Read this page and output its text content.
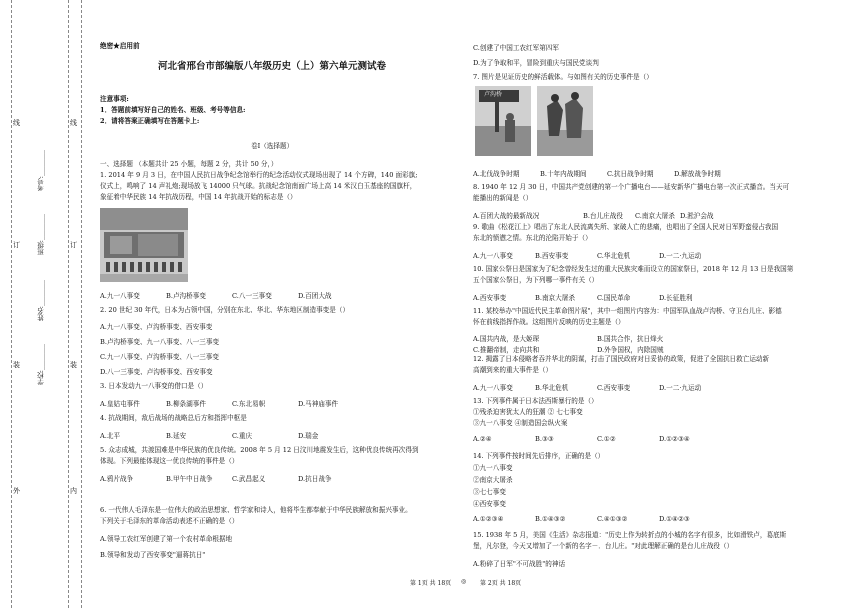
线
订
装
外
线
订
装
内
学校:________
姓名:________
班级:________
考号:________
绝密★启用前
河北省邢台市部编版八年级历史（上）第六单元测试卷
注意事项:
1．答题前填写好自己的姓名、班级、考号等信息:
2．请将答案正确填写在答题卡上:
卷I（选择题）
一、选择题 （本题共计 25 小题，每题 2 分，共计 50 分，）
1. 2014 年 9 月 3 日，在中国人民抗日战争纪念馆举行的纪念活动仪式现场出现了 14 个方碑，140 面彩旗;
仪式上，鸣响了 14 声礼炮;现场放飞 14000 只气球。抗战纪念馆南面广场上高 14 米汉白玉基座的国旗杆，
象征着中华民族 14 年抗战历程，中国 14 年抗战开始的标志是（）
A.九一八事变	B.卢沟桥事变	C.八一三事变	D.百团大战
2. 20 世纪 30 年代，日本为占领中国，分别在东北、华北、华东地区制造事变是（）
A.九一八事变、卢沟桥事变、西安事变
B.卢沟桥事变、九一八事变、八一三事变
C.九一八事变、卢沟桥事变、八一三事变
D.八一三事变、卢沟桥事变、西安事变
3. 日本发动九一八事变的借口是（）
A.皇姑屯事件	B.柳条湖事件	C.东北易帜	D.马神庙事件
4. 抗战期间，敌后战场的战略总后方和指挥中枢是
A.北平	B.延安	C.重庆	D.瑞金
5. 众志成城，共渡国难是中华民族的优良传统。2008 年 5 月 12 日汶川地震发生后，这种优良传统再次得到
体现。下列最能体现这一优良传统的事件是（）
A.鸦片战争	B.甲午中日战争	C.武昌起义	D.抗日战争
6. 一代伟人毛泽东是一位伟大的政治思想家、哲学家和诗人，他将毕生都奉献于中华民族解放和振兴事业。
下列关于毛泽东的革命活动表述不正确的是（）
A.领导工农红军创建了第一个农村革命根据地
B.领导和发动了西安事变"逼蒋抗日"
C.创建了中国工农红军第四军
D.为了争取和平，冒险到重庆与国民党谈判
7. 图片是见证历史的鲜活载体。与如图有关的历史事件是（）
卢沟桥
A.北伐战争时期	B.十年内战期间	C.抗日战争时期	D.解放战争时期
8. 1940 年 12 月 30 日，中国共产党创建的第一个广播电台——延安新华广播电台第一次正式播音。当天可
能播出的新闻是（）
A.百团大战的最新战况	B.台儿庄战役 C.南京大屠杀 D.淞沪会战
9. 歌曲《松花江上》唱出了东北人民流离失所、家破人亡的悲痛，也唱出了全国人民对日军野蛮侵占我国
东北的愤懑之情。东北的沦陷开始于（）
A.九一八事变	B.西安事变	C.华北危机	D.一二·九运动
10. 国家公祭日是国家为了纪念曾经发生过的重大民族灾难而设立的国家祭日，2018 年 12 月 13 日是我国第
五个国家公祭日，为下列哪一事件有关（）
A.西安事变	B.南京大屠杀	C.国民革命	D.长征胜利
11. 某校举办"中国近代民主革命图片展"，其中一组图片内容为：中国军队血战卢沟桥、守卫台儿庄、影德
怀在前线指挥作战。这组图片反映的历史主题是（）
A.国共内战，是大姬琛	B.国共合作，抗日烽火
C.推翻帝制，走向共和	D.外争国权，内除国贼
12. 揭露了日本侵略者吞并华北的阴谋，打击了国民政府对日妥协的政策，促进了全国抗日救亡运动新
高潮到来的重大事件是（）
A.九一八事变	B.华北危机	C.西安事变	D.一二·九运动
13. 下列事件属于日本法西斯暴行的是（）
①残杀迫害犹太人的狂潮 ② 七七事变
③九一八事变 ④制造国会纵火案
A.②④	B.③③	C.①②	D.①②③④
14. 下列事件按时间先后排序，正确的是（）
①九一八事变
②南京大屠杀
③七七事变
④西安事变
A.①②③④	B.①④③②	C.④①③②	D.①④②③
15. 1938 年 5 月，美国《生活》杂志报道："历史上作为转折点的小城的名字有很多，比如滑铁卢，葛底斯
堡，凡尔登，今天又增加了一个新的名字－．台儿庄。"对此理解正确的是台儿庄战役（）
A.粉碎了日军"不可战胜"的神话
第 1页 共 18页 ◎ 第 2页 共 18页
